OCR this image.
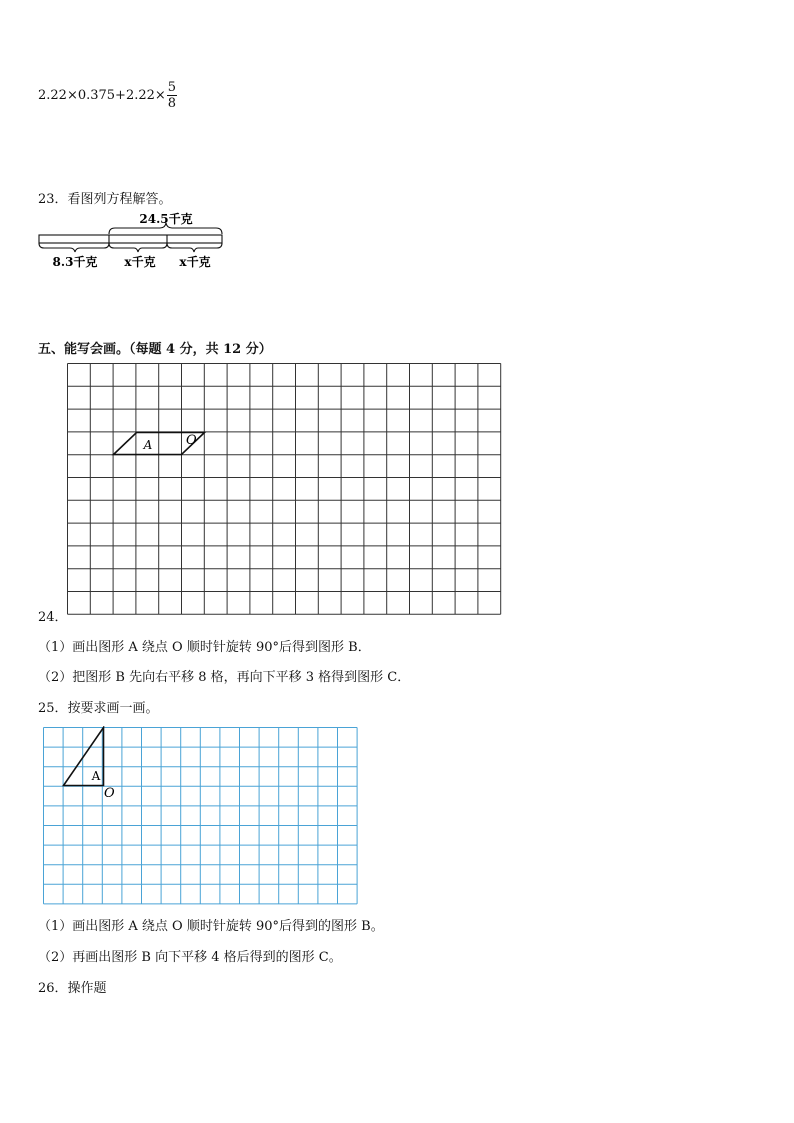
$2.22\times 0.375+2.22\times \frac{5}{8}$
23．看图列方程解答。
24.5千克
8.3千克 x千克 x千克
五、能写会画。（每题 4 分，共 12 分）
A	O
24．
（1）画出图形 A 绕点 O 顺时针旋转 90°后得到图形 B．
（2）把图形 B 先向右平移 8 格，再向下平移 3 格得到图形 C．
25．按要求画一画。
A
O
（1）画出图形 A 绕点 O 顺时针旋转 90°后得到的图形 B。
（2）再画出图形 B 向下平移 4 格后得到的图形 C。
26．操作题
